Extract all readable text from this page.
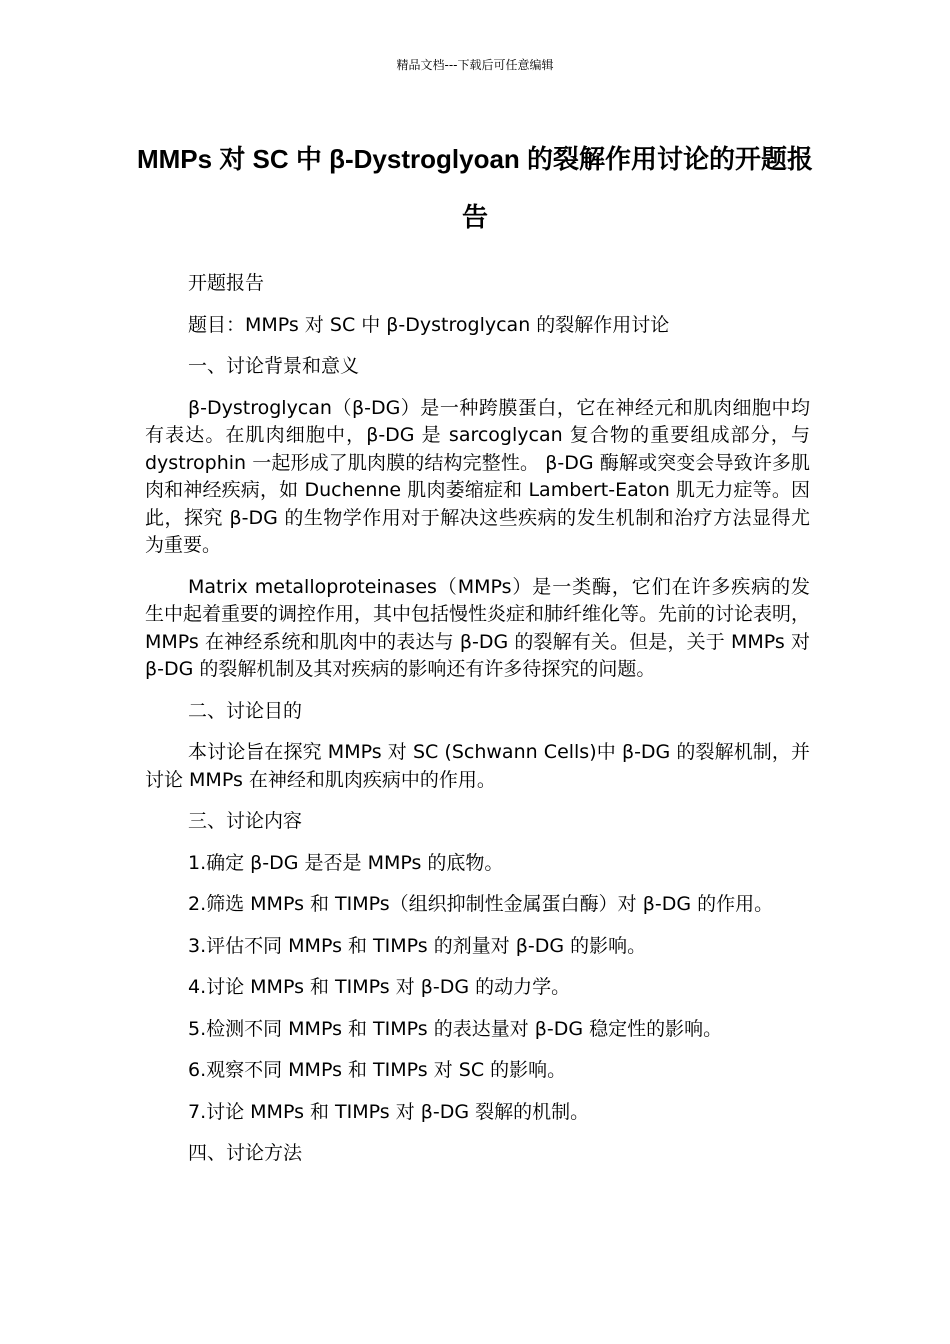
精品文档---下载后可任意编辑
MMPs 对 SC 中 β-Dystroglyoan 的裂解作用讨论的开题报告

开题报告

题目：MMPs 对 SC 中 β-Dystroglycan 的裂解作用讨论

一、讨论背景和意义

β-Dystroglycan（β-DG）是一种跨膜蛋白，它在神经元和肌肉细胞中均有表达。在肌肉细胞中，β-DG 是 sarcoglycan 复合物的重要组成部分，与 dystrophin 一起形成了肌肉膜的结构完整性。 β-DG 酶解或突变会导致许多肌肉和神经疾病，如 Duchenne 肌肉萎缩症和 Lambert-Eaton 肌无力症等。因此，探究 β-DG 的生物学作用对于解决这些疾病的发生机制和治疗方法显得尤为重要。

Matrix metalloproteinases（MMPs）是一类酶，它们在许多疾病的发生中起着重要的调控作用，其中包括慢性炎症和肺纤维化等。先前的讨论表明，MMPs 在神经系统和肌肉中的表达与 β-DG 的裂解有关。但是，关于 MMPs 对 β-DG 的裂解机制及其对疾病的影响还有许多待探究的问题。

二、讨论目的

本讨论旨在探究 MMPs 对 SC (Schwann Cells)中 β-DG 的裂解机制，并讨论 MMPs 在神经和肌肉疾病中的作用。

三、讨论内容

1.确定 β-DG 是否是 MMPs 的底物。

2.筛选 MMPs 和 TIMPs（组织抑制性金属蛋白酶）对 β-DG 的作用。

3.评估不同 MMPs 和 TIMPs 的剂量对 β-DG 的影响。

4.讨论 MMPs 和 TIMPs 对 β-DG 的动力学。

5.检测不同 MMPs 和 TIMPs 的表达量对 β-DG 稳定性的影响。

6.观察不同 MMPs 和 TIMPs 对 SC 的影响。

7.讨论 MMPs 和 TIMPs 对 β-DG 裂解的机制。

四、讨论方法
